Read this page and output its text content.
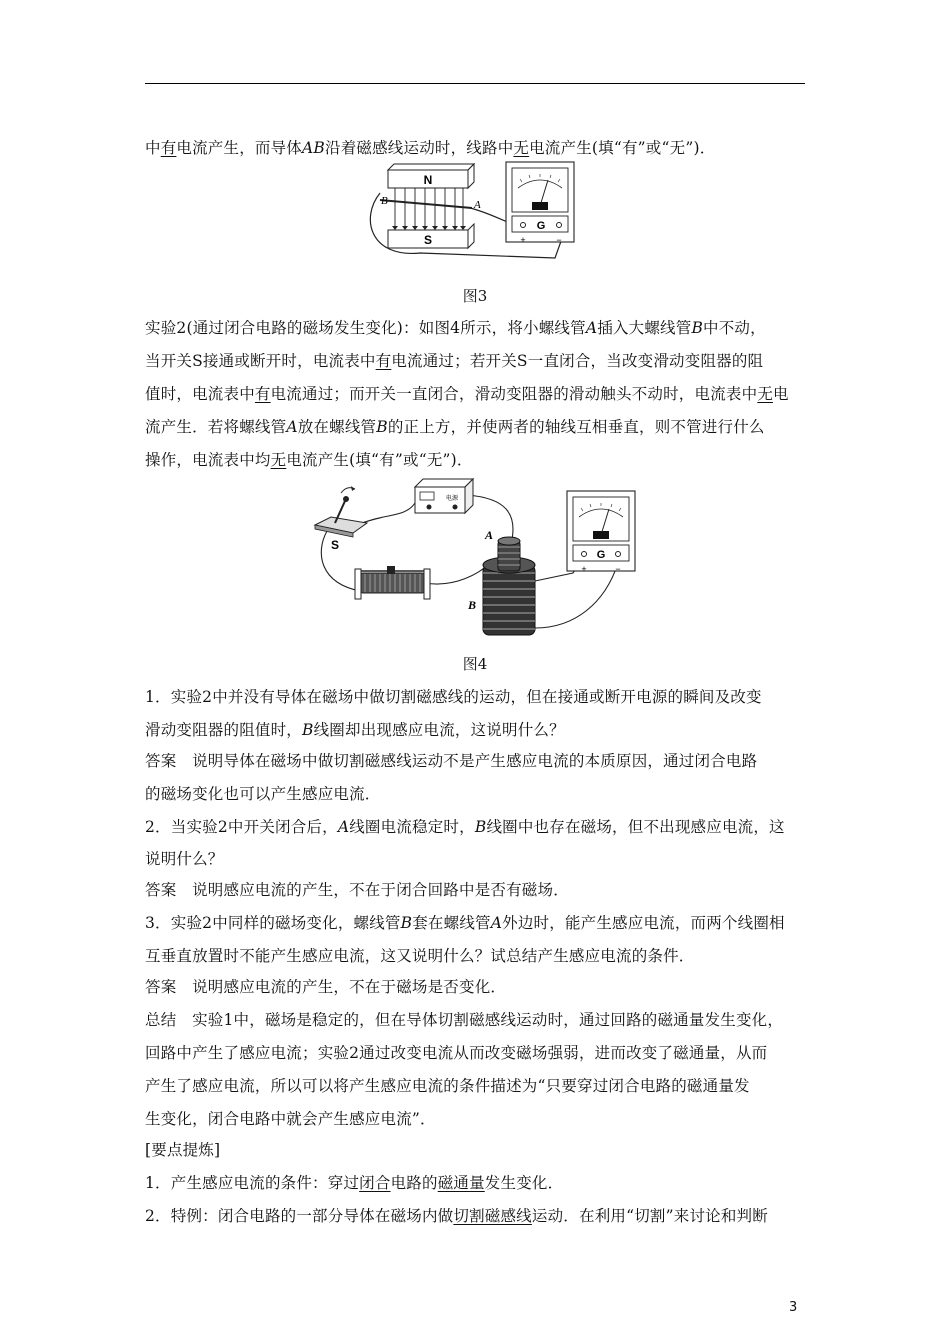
中有电流产生，而导体AB沿着磁感线运动时，线路中无电流产生(填“有”或“无”)．
N
S
B	A
G
+	−
图3
实验2(通过闭合电路的磁场发生变化)：如图4所示，将小螺线管A插入大螺线管B中不动，
当开关S接通或断开时，电流表中有电流通过；若开关S一直闭合，当改变滑动变阻器的阻
值时，电流表中有电流通过；而开关一直闭合，滑动变阻器的滑动触头不动时，电流表中无电
流产生．若将螺线管A放在螺线管B的正上方，并使两者的轴线互相垂直，则不管进行什么
操作，电流表中均无电流产生(填“有”或“无”)．
S
电源
B
A
G
+	−
图4
1．实验2中并没有导体在磁场中做切割磁感线的运动，但在接通或断开电源的瞬间及改变
滑动变阻器的阻值时，B线圈却出现感应电流，这说明什么？
答案　说明导体在磁场中做切割磁感线运动不是产生感应电流的本质原因，通过闭合电路
的磁场变化也可以产生感应电流．
2．当实验2中开关闭合后，A线圈电流稳定时，B线圈中也存在磁场，但不出现感应电流，这
说明什么？
答案　说明感应电流的产生，不在于闭合回路中是否有磁场．
3．实验2中同样的磁场变化，螺线管B套在螺线管A外边时，能产生感应电流，而两个线圈相
互垂直放置时不能产生感应电流，这又说明什么？试总结产生感应电流的条件．
答案　说明感应电流的产生，不在于磁场是否变化．
总结　实验1中，磁场是稳定的，但在导体切割磁感线运动时，通过回路的磁通量发生变化，
回路中产生了感应电流；实验2通过改变电流从而改变磁场强弱，进而改变了磁通量，从而
产生了感应电流，所以可以将产生感应电流的条件描述为“只要穿过闭合电路的磁通量发
生变化，闭合电路中就会产生感应电流”．
[要点提炼]
1．产生感应电流的条件：穿过闭合电路的磁通量发生变化．
2．特例：闭合电路的一部分导体在磁场内做切割磁感线运动．在利用“切割”来讨论和判断
3
